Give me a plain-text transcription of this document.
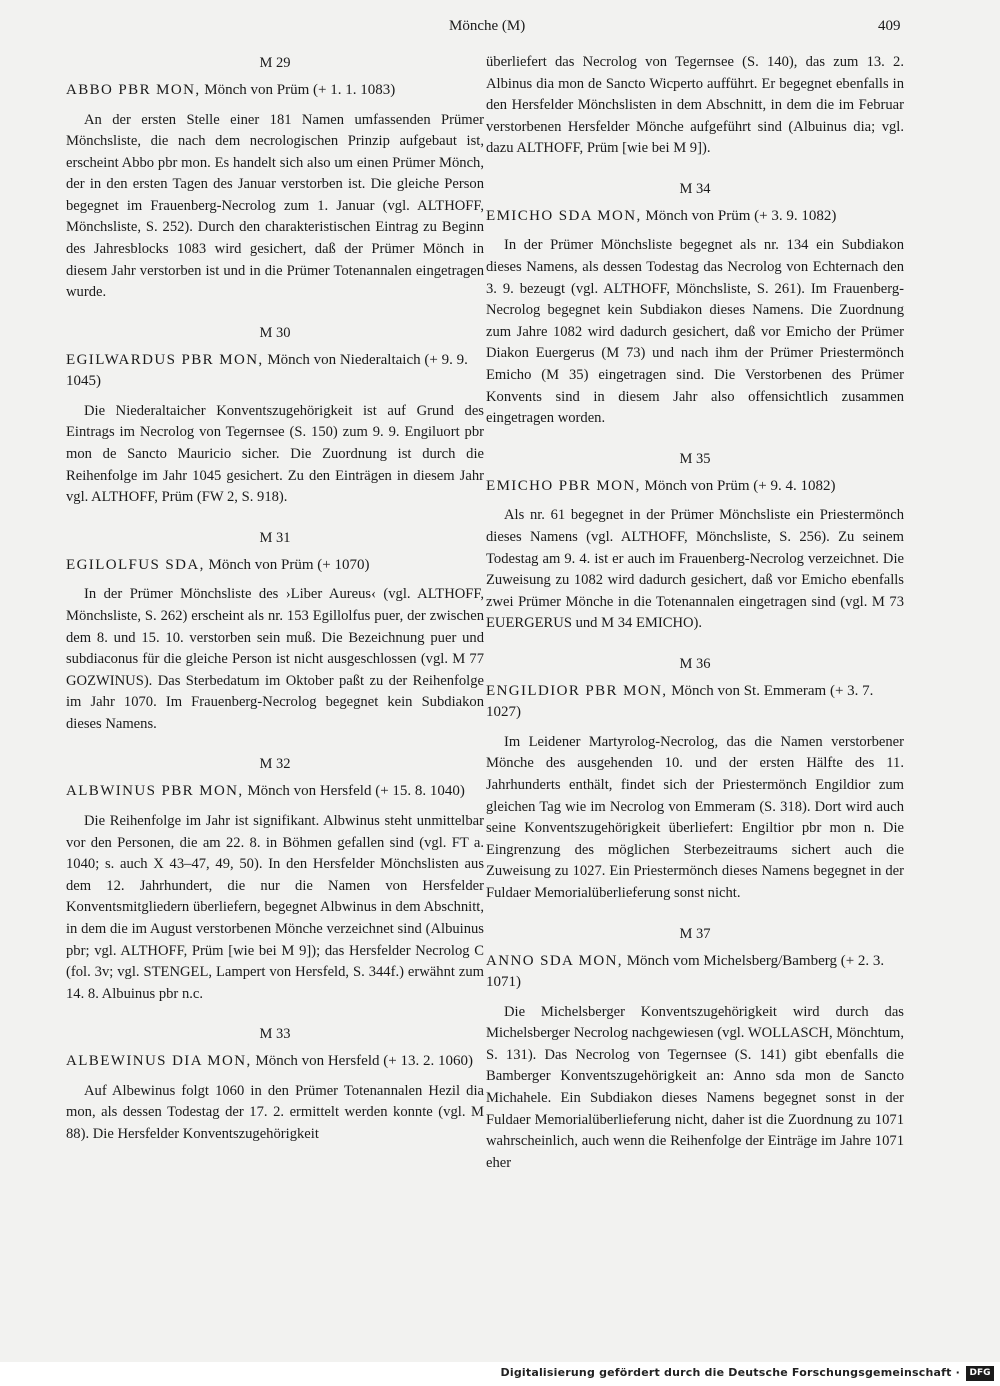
Mönche (M)	409

M 29

ABBO PBR MON, Mönch von Prüm (+ 1. 1. 1083)

An der ersten Stelle einer 181 Namen umfassenden Prümer Mönchsliste, die nach dem necrologischen Prinzip aufgebaut ist, erscheint Abbo pbr mon. Es handelt sich also um einen Prümer Mönch, der in den ersten Tagen des Januar verstorben ist. Die gleiche Person begegnet im Frauenberg-Necrolog zum 1. Januar (vgl. ALTHOFF, Mönchsliste, S. 252). Durch den charakteristischen Eintrag zu Beginn des Jahresblocks 1083 wird gesichert, daß der Prümer Mönch in diesem Jahr verstorben ist und in die Prümer Totenannalen eingetragen wurde.

M 30

EGILWARDUS PBR MON, Mönch von Niederaltaich (+ 9. 9. 1045)

Die Niederaltaicher Konventszugehörigkeit ist auf Grund des Eintrags im Necrolog von Tegernsee (S. 150) zum 9. 9. Engiluort pbr mon de Sancto Mauricio sicher. Die Zuordnung ist durch die Reihenfolge im Jahr 1045 gesichert. Zu den Einträgen in diesem Jahr vgl. ALTHOFF, Prüm (FW 2, S. 918).

M 31

EGILOLFUS SDA, Mönch von Prüm (+ 1070)

In der Prümer Mönchsliste des ›Liber Aureus‹ (vgl. ALTHOFF, Mönchsliste, S. 262) erscheint als nr. 153 Egillolfus puer, der zwischen dem 8. und 15. 10. verstorben sein muß. Die Bezeichnung puer und subdiaconus für die gleiche Person ist nicht ausgeschlossen (vgl. M 77 GOZWINUS). Das Sterbedatum im Oktober paßt zu der Reihenfolge im Jahr 1070. Im Frauenberg-Necrolog begegnet kein Subdiakon dieses Namens.

M 32

ALBWINUS PBR MON, Mönch von Hersfeld (+ 15. 8. 1040)

Die Reihenfolge im Jahr ist signifikant. Albwinus steht unmittelbar vor den Personen, die am 22. 8. in Böhmen gefallen sind (vgl. FT a. 1040; s. auch X 43–47, 49, 50). In den Hersfelder Mönchslisten aus dem 12. Jahrhundert, die nur die Namen von Hersfelder Konventsmitgliedern überliefern, begegnet Albwinus in dem Abschnitt, in dem die im August verstorbenen Mönche verzeichnet sind (Albuinus pbr; vgl. ALTHOFF, Prüm [wie bei M 9]); das Hersfelder Necrolog C (fol. 3v; vgl. STENGEL, Lampert von Hersfeld, S. 344f.) erwähnt zum 14. 8. Albuinus pbr n.c.

M 33

ALBEWINUS DIA MON, Mönch von Hersfeld (+ 13. 2. 1060)

Auf Albewinus folgt 1060 in den Prümer Totenannalen Hezil dia mon, als dessen Todestag der 17. 2. ermittelt werden konnte (vgl. M 88). Die Hersfelder Konventszugehörigkeit

überliefert das Necrolog von Tegernsee (S. 140), das zum 13. 2. Albinus dia mon de Sancto Wicperto aufführt. Er begegnet ebenfalls in den Hersfelder Mönchslisten in dem Abschnitt, in dem die im Februar verstorbenen Hersfelder Mönche aufgeführt sind (Albuinus dia; vgl. dazu ALTHOFF, Prüm [wie bei M 9]).

M 34

EMICHO SDA MON, Mönch von Prüm (+ 3. 9. 1082)

In der Prümer Mönchsliste begegnet als nr. 134 ein Subdiakon dieses Namens, als dessen Todestag das Necrolog von Echternach den 3. 9. bezeugt (vgl. ALTHOFF, Mönchsliste, S. 261). Im Frauenberg-Necrolog begegnet kein Subdiakon dieses Namens. Die Zuordnung zum Jahre 1082 wird dadurch gesichert, daß vor Emicho der Prümer Diakon Euergerus (M 73) und nach ihm der Prümer Priestermönch Emicho (M 35) eingetragen sind. Die Verstorbenen des Prümer Konvents sind in diesem Jahr also offensichtlich zusammen eingetragen worden.

M 35

EMICHO PBR MON, Mönch von Prüm (+ 9. 4. 1082)

Als nr. 61 begegnet in der Prümer Mönchsliste ein Priestermönch dieses Namens (vgl. ALTHOFF, Mönchsliste, S. 256). Zu seinem Todestag am 9. 4. ist er auch im Frauenberg-Necrolog verzeichnet. Die Zuweisung zu 1082 wird dadurch gesichert, daß vor Emicho ebenfalls zwei Prümer Mönche in die Totenannalen eingetragen sind (vgl. M 73 EUERGERUS und M 34 EMICHO).

M 36

ENGILDIOR PBR MON, Mönch von St. Emmeram (+ 3. 7. 1027)

Im Leidener Martyrolog-Necrolog, das die Namen verstorbener Mönche des ausgehenden 10. und der ersten Hälfte des 11. Jahrhunderts enthält, findet sich der Priestermönch Engildior zum gleichen Tag wie im Necrolog von Emmeram (S. 318). Dort wird auch seine Konventszugehörigkeit überliefert: Engiltior pbr mon n. Die Eingrenzung des möglichen Sterbezeitraums sichert auch die Zuweisung zu 1027. Ein Priestermönch dieses Namens begegnet in der Fuldaer Memorialüberlieferung sonst nicht.

M 37

ANNO SDA MON, Mönch vom Michelsberg/Bamberg (+ 2. 3. 1071)

Die Michelsberger Konventszugehörigkeit wird durch das Michelsberger Necrolog nachgewiesen (vgl. WOLLASCH, Mönchtum, S. 131). Das Necrolog von Tegernsee (S. 141) gibt ebenfalls die Bamberger Konventszugehörigkeit an: Anno sda mon de Sancto Michahele. Ein Subdiakon dieses Namens begegnet sonst in der Fuldaer Memorialüberlieferung nicht, daher ist die Zuordnung zu 1071 wahrscheinlich, auch wenn die Reihenfolge der Einträge im Jahre 1071 eher

Digitalisierung gefördert durch die Deutsche Forschungsgemeinschaft ·	DFG
